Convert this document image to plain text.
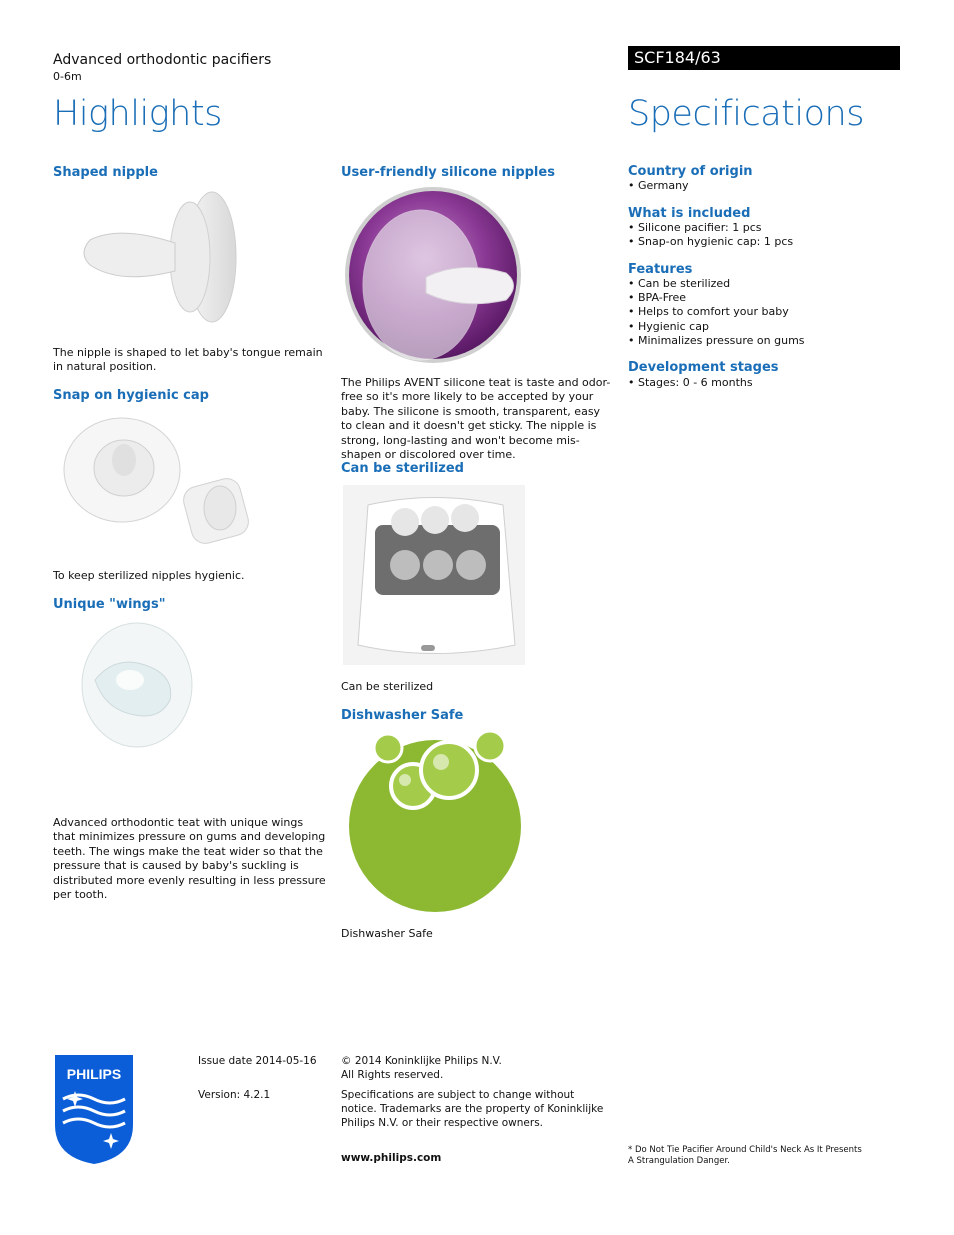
Advanced orthodontic pacifiers
0-6m
SCF184/63
Highlights	Specifications
Shaped nipple
The nipple is shaped to let baby's tongue remain in natural position.
Snap on hygienic cap
To keep sterilized nipples hygienic.
Unique "wings"
Advanced orthodontic teat with unique wings that minimizes pressure on gums and developing teeth. The wings make the teat wider so that the pressure that is caused by baby's suckling is distributed more evenly resulting in less pressure per tooth.
User-friendly silicone nipples
The Philips AVENT silicone teat is taste and odor-free so it's more likely to be accepted by your baby. The silicone is smooth, transparent, easy to clean and it doesn't get sticky. The nipple is strong, long-lasting and won't become mis-shapen or discolored over time.
Can be sterilized
Can be sterilized
Dishwasher Safe
Dishwasher Safe
Country of origin
• Germany
What is included
• Silicone pacifier: 1 pcs
• Snap-on hygienic cap: 1 pcs
Features
• Can be sterilized
• BPA-Free
• Helps to comfort your baby
• Hygienic cap
• Minimalizes pressure on gums
Development stages
• Stages: 0 - 6 months
PHILIPS
Issue date 2014-05-16
Version: 4.2.1
© 2014 Koninklijke Philips N.V.
All Rights reserved.
Specifications are subject to change without notice. Trademarks are the property of Koninklijke Philips N.V. or their respective owners.
www.philips.com
* Do Not Tie Pacifier Around Child's Neck As It Presents A Strangulation Danger.
